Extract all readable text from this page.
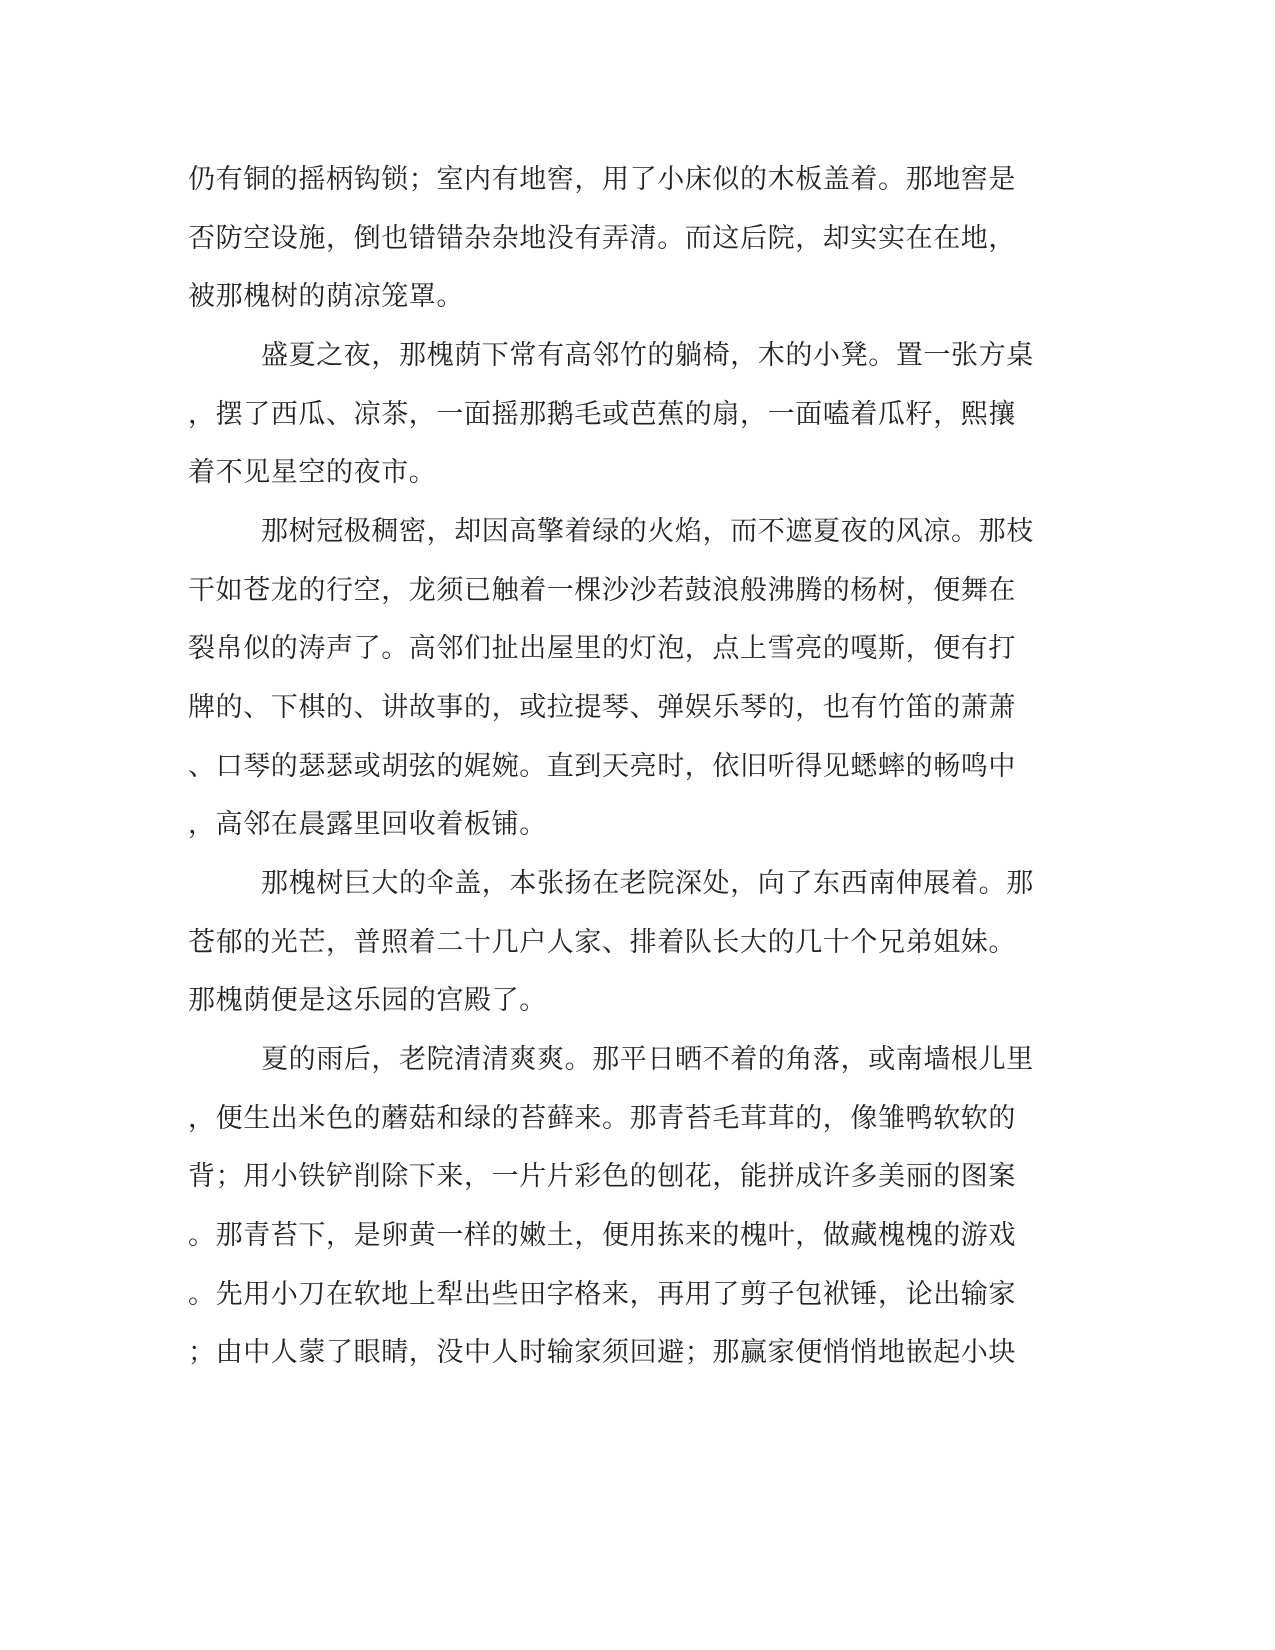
仍有铜的摇柄钩锁；室内有地窖，用了小床似的木板盖着。那地窖是
否防空设施，倒也错错杂杂地没有弄清。而这后院，却实实在在地，
被那槐树的荫凉笼罩。
盛夏之夜，那槐荫下常有高邻竹的躺椅，木的小凳。置一张方桌
，摆了西瓜、凉茶，一面摇那鹅毛或芭蕉的扇，一面嗑着瓜籽，熙攘
着不见星空的夜市。
那树冠极稠密，却因高擎着绿的火焰，而不遮夏夜的风凉。那枝
干如苍龙的行空，龙须已触着一棵沙沙若鼓浪般沸腾的杨树，便舞在
裂帛似的涛声了。高邻们扯出屋里的灯泡，点上雪亮的嘎斯，便有打
牌的、下棋的、讲故事的，或拉提琴、弹娱乐琴的，也有竹笛的萧萧
、口琴的瑟瑟或胡弦的娓婉。直到天亮时，依旧听得见蟋蟀的畅鸣中
，高邻在晨露里回收着板铺。
那槐树巨大的伞盖，本张扬在老院深处，向了东西南伸展着。那
苍郁的光芒，普照着二十几户人家、排着队长大的几十个兄弟姐妹。
那槐荫便是这乐园的宫殿了。
夏的雨后，老院清清爽爽。那平日晒不着的角落，或南墙根儿里
，便生出米色的蘑菇和绿的苔藓来。那青苔毛茸茸的，像雏鸭软软的
背；用小铁铲削除下来，一片片彩色的刨花，能拼成许多美丽的图案
。那青苔下，是卵黄一样的嫩土，便用拣来的槐叶，做藏槐槐的游戏
。先用小刀在软地上犁出些田字格来，再用了剪子包袱锤，论出输家
；由中人蒙了眼睛，没中人时输家须回避；那赢家便悄悄地嵌起小块
